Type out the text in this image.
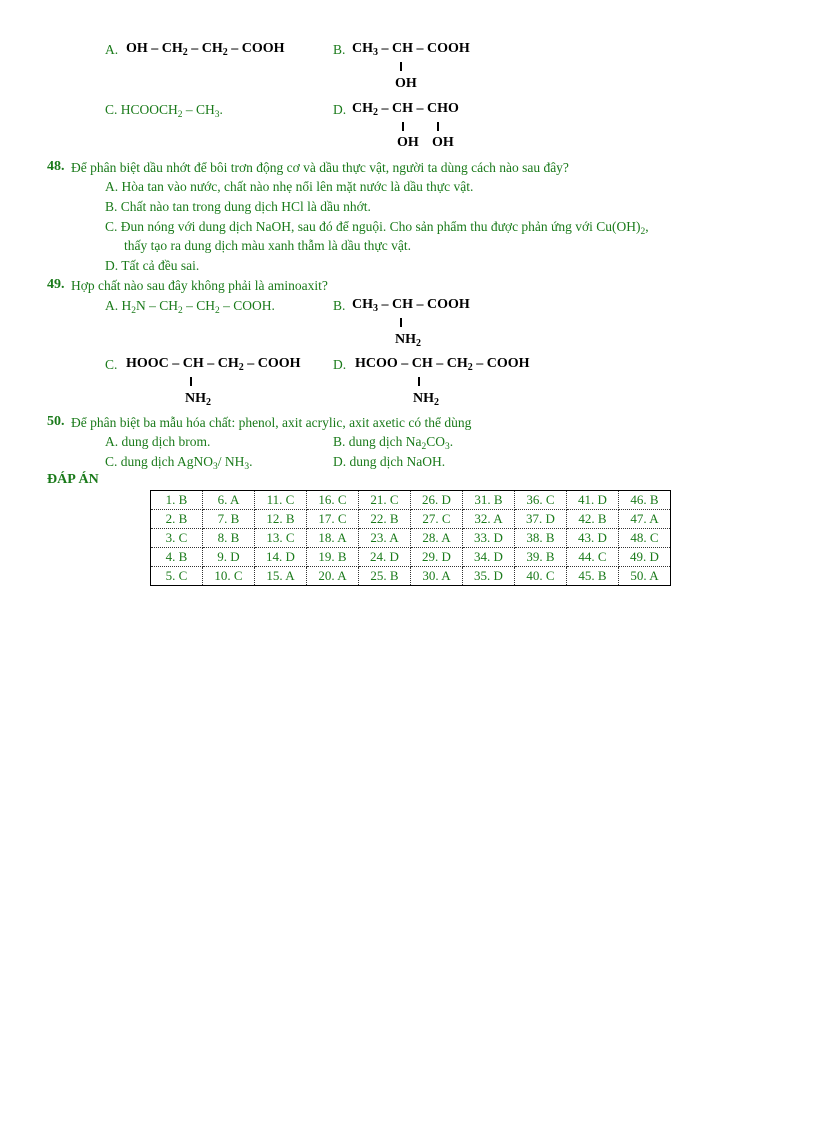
A. OH – $CH_2 - CH_2$ – COOH	B. $CH_3$ – CH – COOH
OH
C. $HCOOCH_2 - CH_3$.	D. $CH_2$ – CH – CHO
OH OH
48. Để phân biệt dầu nhớt để bôi trơn động cơ và dầu thực vật, người ta dùng cách nào sau đây?
A. Hòa tan vào nước, chất nào nhẹ nổi lên mặt nước là dầu thực vật.
B. Chất nào tan trong dung dịch HCl là dầu nhớt.
C. Đun nóng với dung dịch NaOH, sau đó để nguội. Cho sản phẩm thu được phản ứng với $Cu(OH)_2$,
thấy tạo ra dung dịch màu xanh thẫm là dầu thực vật.
D. Tất cả đều sai.
49. Hợp chất nào sau đây không phải là aminoaxit?
A. $H_2N - CH_2 - CH_2$ – COOH.	B. $CH_3$ – CH – COOH
$NH_2$
C. HOOC – CH – $CH_2$ – COOH
$NH_2$
D. HCOO – CH – $CH_2$ – COOH
$NH_2$
50. Để phân biệt ba mẫu hóa chất: phenol, axit acrylic, axit axetic có thể dùng
A. dung dịch brom.	B. dung dịch $Na_2CO_3$.
C. dung dịch AgNO$_3$/ $NH_3$.	D. dung dịch NaOH.
ĐÁP ÁN
1. B	6. A	11. C	16. C	21. C	26. D	31. B	36. C	41. D	46. B
2. B	7. B	12. B	17. C	22. B	27. C	32. A	37. D	42. B	47. A
3. C	8. B	13. C	18. A	23. A	28. A	33. D	38. B	43. D	48. C
4. B	9. D	14. D	19. B	24. D	29. D	34. D	39. B	44. C	49. D
5. C	10. C	15. A	20. A	25. B	30. A	35. D	40. C	45. B	50. A
